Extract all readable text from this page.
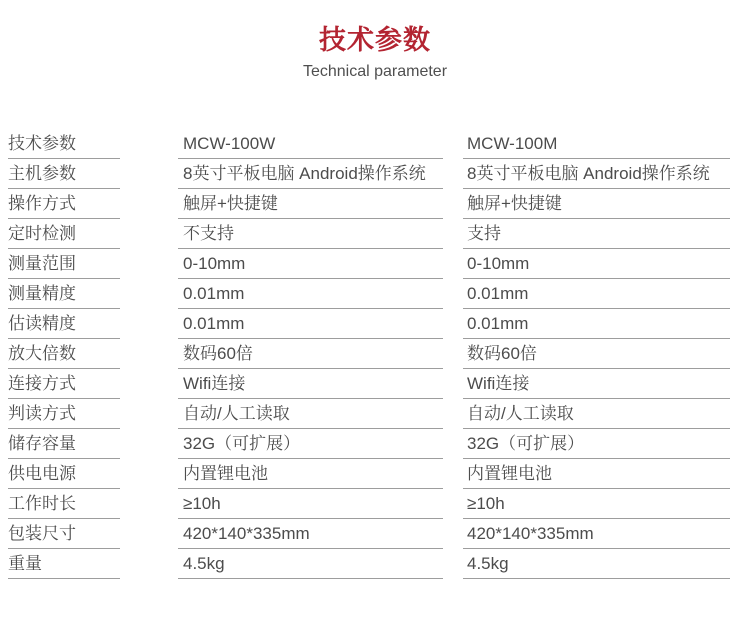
技术参数
Technical parameter
技术参数	MCW-100W	MCW-100M
主机参数	8英寸平板电脑 Android操作系统	8英寸平板电脑 Android操作系统
操作方式	触屏+快捷键	触屏+快捷键
定时检测	不支持	支持
测量范围	0-10mm	0-10mm
测量精度	0.01mm	0.01mm
估读精度	0.01mm	0.01mm
放大倍数	数码60倍	数码60倍
连接方式	Wifi连接	Wifi连接
判读方式	自动/人工读取	自动/人工读取
储存容量	32G（可扩展）	32G（可扩展）
供电电源	内置锂电池	内置锂电池
工作时长	≥10h	≥10h
包装尺寸	420*140*335mm	420*140*335mm
重量	4.5kg	4.5kg
